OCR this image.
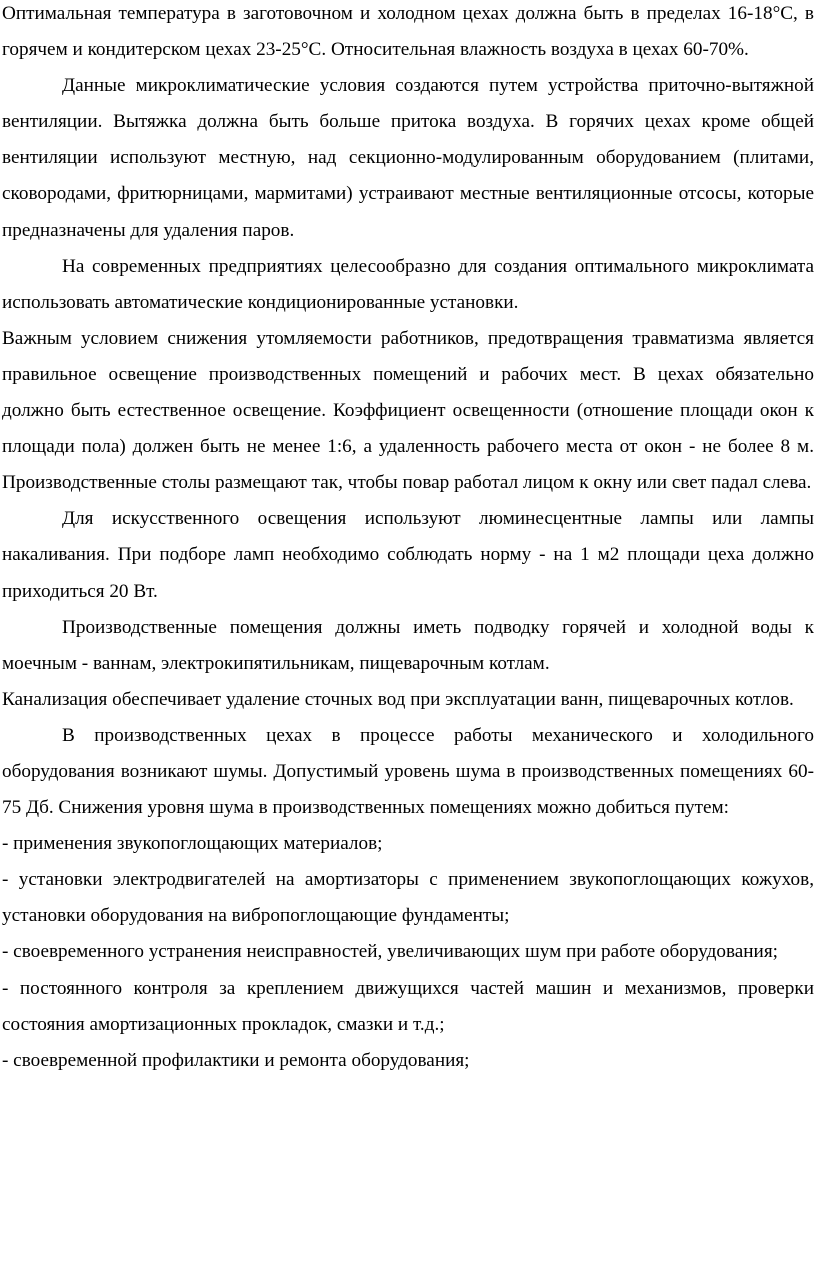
Оптимальная температура в заготовочном и холодном цехах должна быть в пределах 16-18°С, в горячем и кондитерском цехах 23-25°С. Относительная влажность воздуха в цехах 60-70%.

Данные микроклиматические условия создаются путем устройства приточно-вытяжной вентиляции. Вытяжка должна быть больше притока воздуха. В горячих цехах кроме общей вентиляции используют местную, над секционно-модулированным оборудованием (плитами, сковородами, фритюрницами, мармитами) устраивают местные вентиляционные отсосы, которые предназначены для удаления паров.

На современных предприятиях целесообразно для создания оптимального микроклимата использовать автоматические кондиционированные установки.

Важным условием снижения утомляемости работников, предотвращения травматизма является правильное освещение производственных помещений и рабочих мест. В цехах обязательно должно быть естественное освещение. Коэффициент освещенности (отношение площади окон к площади пола) должен быть не менее 1:6, а удаленность рабочего места от окон - не более 8 м. Производственные столы размещают так, чтобы повар работал лицом к окну или свет падал слева.

Для искусственного освещения используют люминесцентные лампы или лампы накаливания. При подборе ламп необходимо соблюдать норму - на 1 м2 площади цеха должно приходиться 20 Вт.

Производственные помещения должны иметь подводку горячей и холодной воды к моечным - ваннам, электрокипятильникам, пищеварочным котлам.

Канализация обеспечивает удаление сточных вод при эксплуатации ванн, пищеварочных котлов.

В производственных цехах в процессе работы механического и холодильного оборудования возникают шумы. Допустимый уровень шума в производственных помещениях 60-75 Дб. Снижения уровня шума в производственных помещениях можно добиться путем:

- применения звукопоглощающих материалов;

- установки электродвигателей на амортизаторы с применением звукопоглощающих кожухов, установки оборудования на вибропоглощающие фундаменты;

- своевременного устранения неисправностей, увеличивающих шум при работе оборудования;

- постоянного контроля за креплением движущихся частей машин и механизмов, проверки состояния амортизационных прокладок, смазки и т.д.;

- своевременной профилактики и ремонта оборудования;
